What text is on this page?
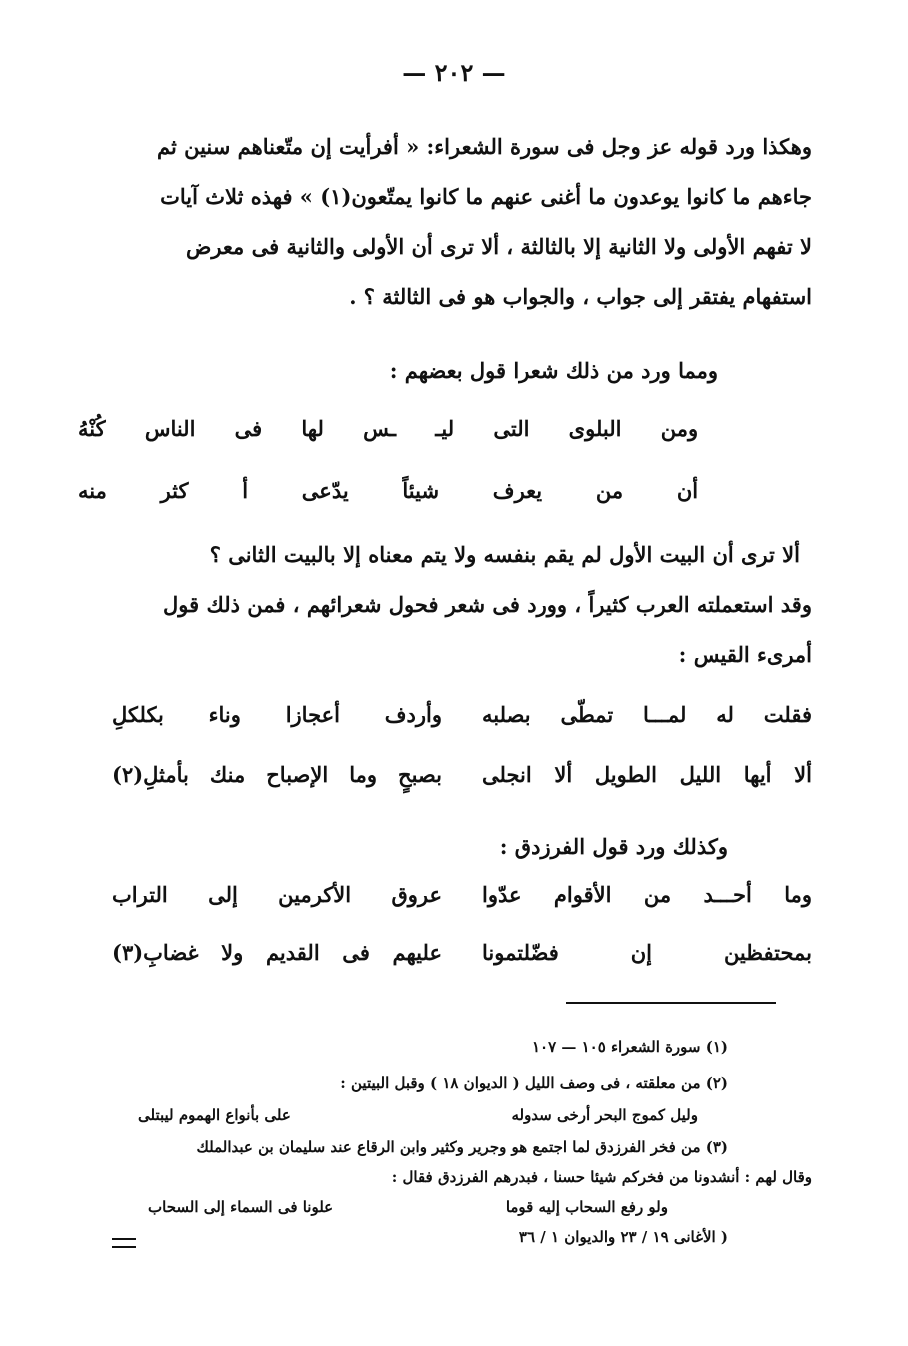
— ٢٠٢ —
وهكذا ورد قوله عز وجل فى سورة الشعراء: « أفرأيت إن متّعناهم سنين ثم
جاءهم ما كانوا يوعدون ما أغنى عنهم ما كانوا يمتّعون(١) » فهذه ثلاث آيات
لا تفهم الأولى ولا الثانية إلا بالثالثة ، ألا ترى أن الأولى والثانية فى معرض
استفهام يفتقر إلى جواب ، والجواب هو فى الثالثة ؟ .
ومما ورد من ذلك شعرا قول بعضهم :
ومن البلوى التى ليـ ـس لها فى الناس كُنْهُ
أن من يعرف شيئاً يدّعى أ كثر منه
ألا ترى أن البيت الأول لم يقم بنفسه ولا يتم معناه إلا بالبيت الثانى ؟
وقد استعملته العرب كثيراً ، وورد فى شعر فحول شعرائهم ، فمن ذلك قول
أمرىء القيس :
فقلت له لمـــا تمطّى بصلبه
وأردف أعجازا وناء بكلكلِ
ألا أيها الليل الطويل ألا انجلى
بصبحٍ وما الإصباح منك بأمثلِ(٢)
وكذلك ورد قول الفرزدق :
وما أحـــد من الأقوام عدّوا
عروق الأكرمين إلى التراب
بمحتفظين إن فضّلتمونا
عليهم فى القديم ولا غضابِ(٣)
(١) سورة الشعراء ١٠٥ — ١٠٧
(٢) من معلقته ، فى وصف الليل ( الديوان ١٨ ) وقبل البيتين :
وليل كموج البحر أرخى سدوله
على بأنواع الهموم ليبتلى
(٣) من فخر الفرزدق لما اجتمع هو وجرير وكثير وابن الرقاع عند سليمان بن عبدالملك
وقال لهم : أنشدونا من فخركم شيئا حسنا ، فبدرهم الفرزدق فقال :
ولو رفع السحاب إليه قوما
علونا فى السماء إلى السحاب
( الأغانى ١٩ / ٢٣ والديوان ١ / ٣٦
